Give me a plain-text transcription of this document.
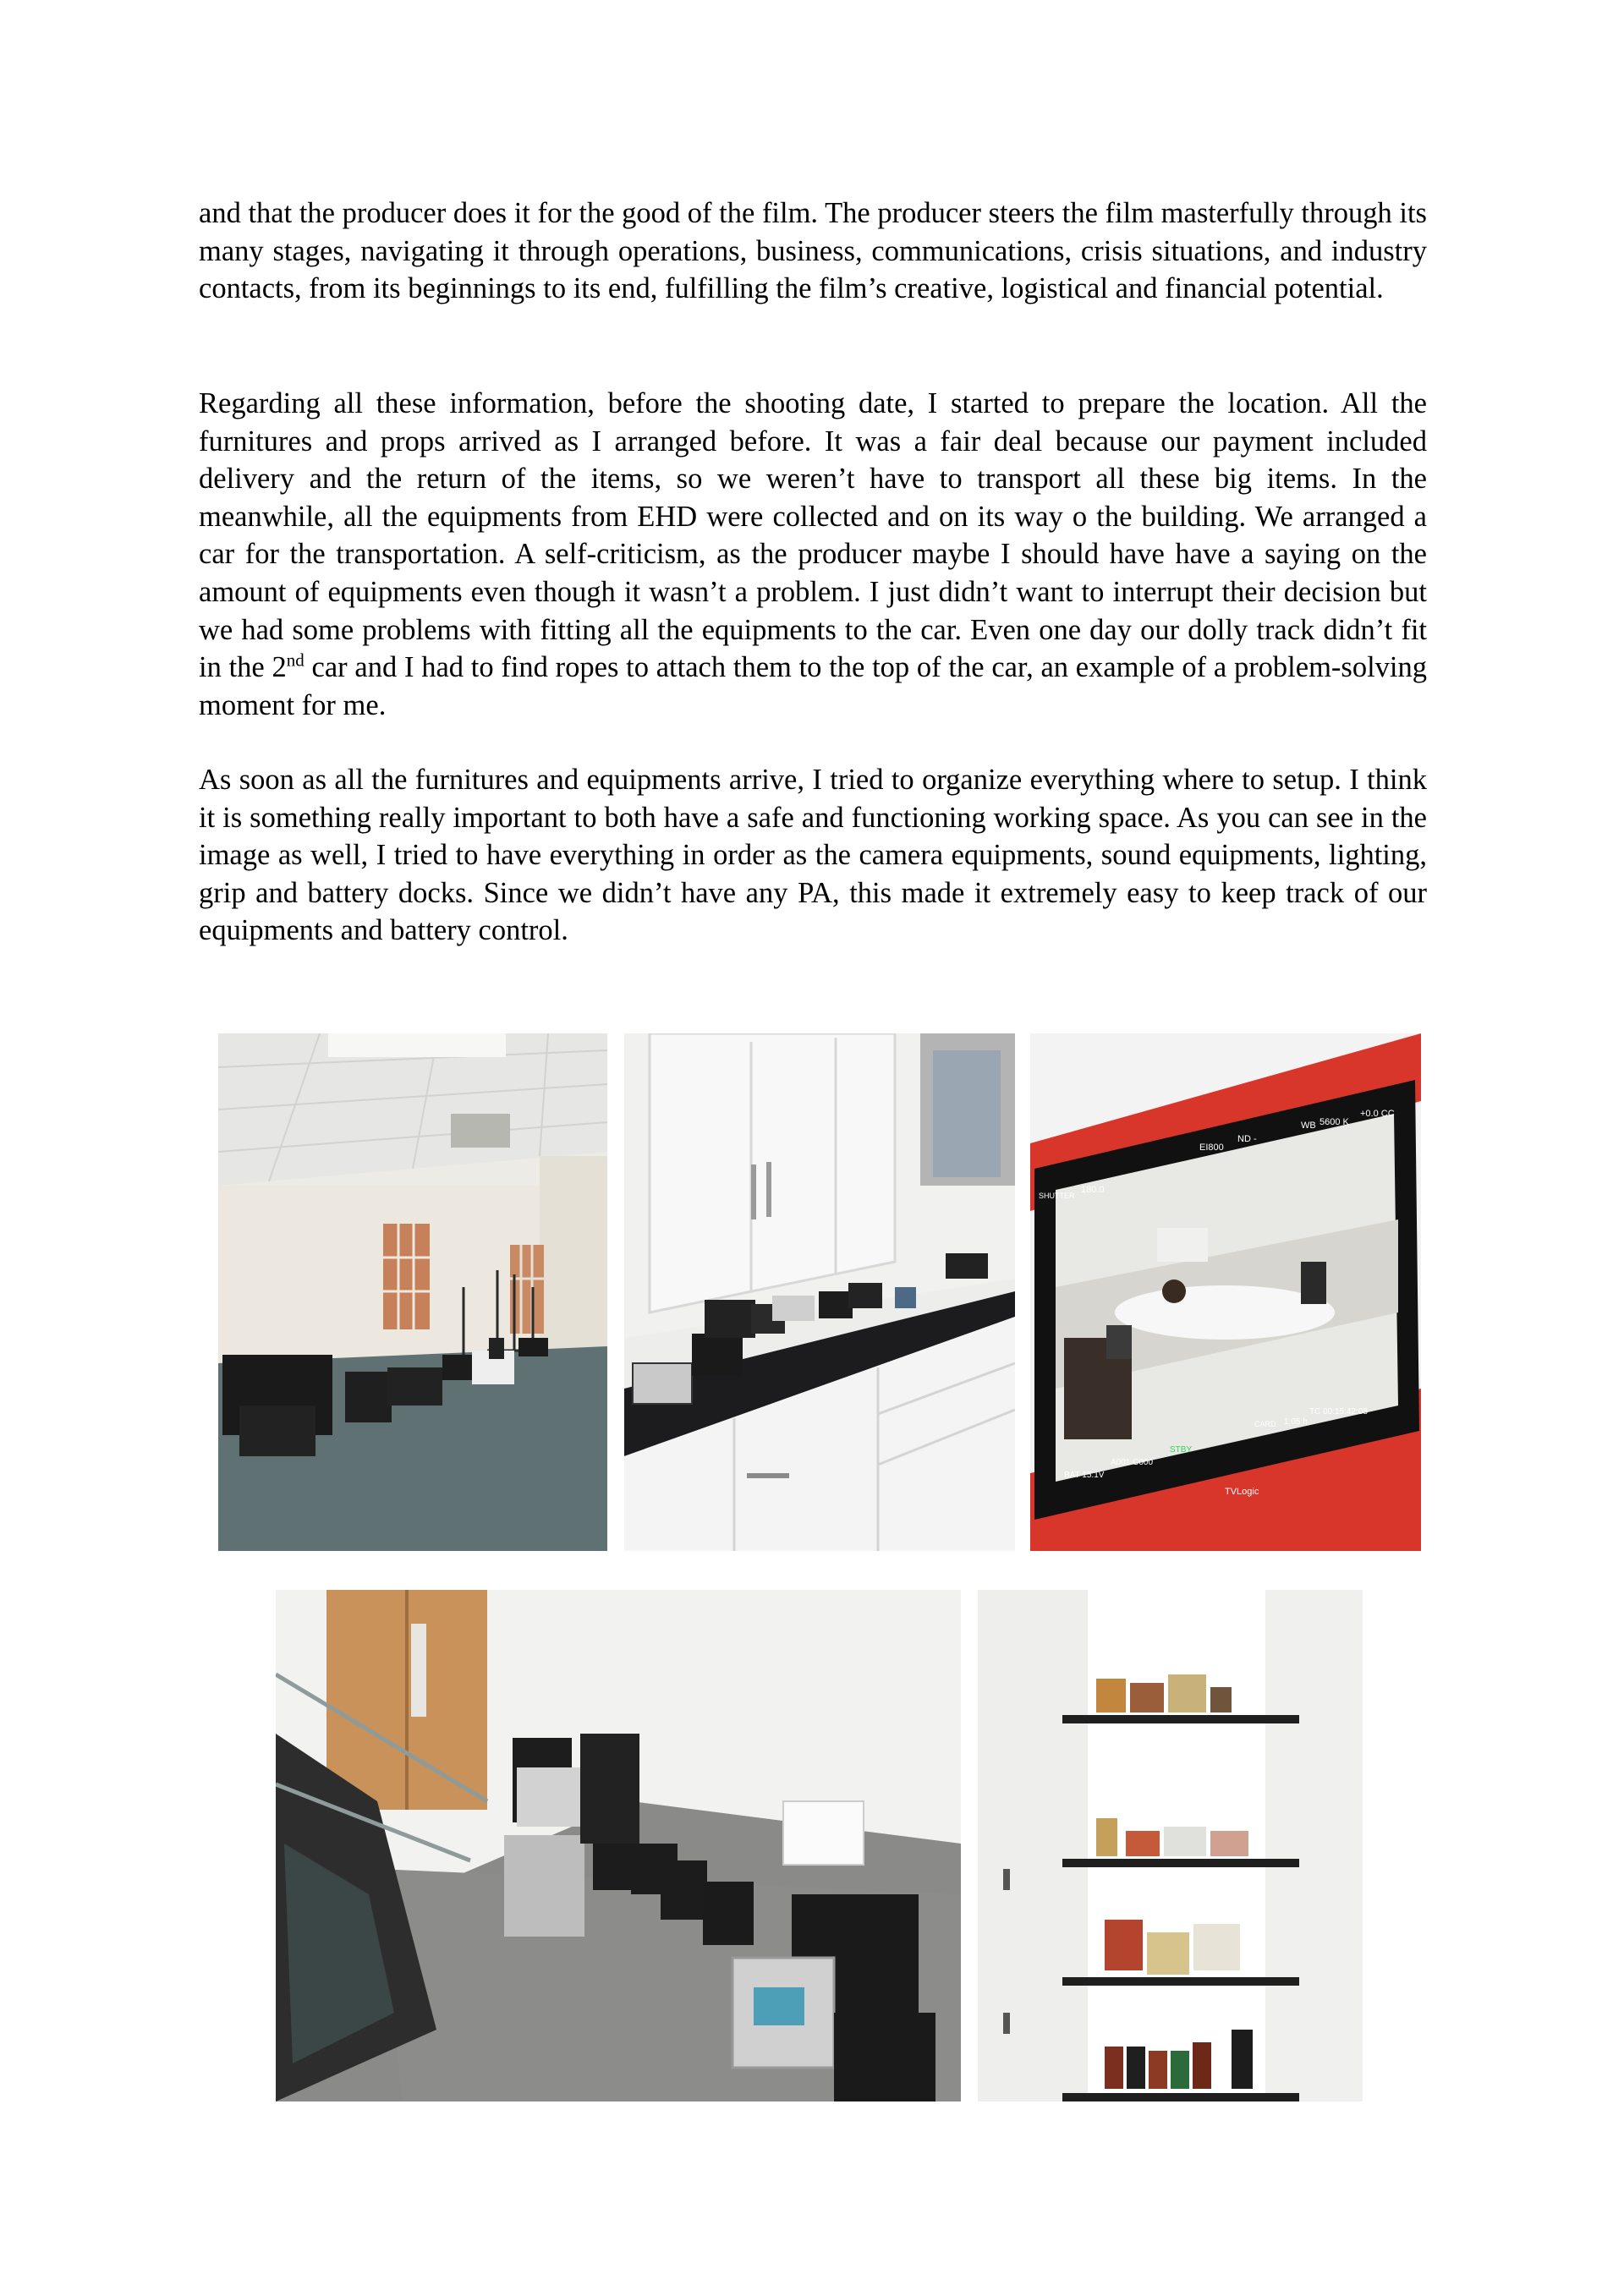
and that the producer does it for the good of the film. The producer steers the film masterfully through its many stages, navigating it through operations, business, communications, crisis situations, and industry contacts, from its beginnings to its end, fulfilling the film’s creative, logistical and financial potential.

Regarding all these information, before the shooting date, I started to prepare the location. All the furnitures and props arrived as I arranged before. It was a fair deal because our payment included delivery and the return of the items, so we weren’t have to transport all these big items. In the meanwhile, all the equipments from EHD were collected and on its way o the building. We arranged a car for the transportation. A self-criticism, as the producer maybe I should have have a saying on the amount of equipments even though it wasn’t a problem. I just didn’t want to interrupt their decision but we had some problems with fitting all the equipments to the car. Even one day our dolly track didn’t fit in the 2nd car and I had to find ropes to attach them to the top of the car, an example of a problem-solving moment for me.

As soon as all the furnitures and equipments arrive, I tried to organize everything where to setup. I think it is something really important to both have a safe and functioning working space. As you can see in the image as well, I tried to have everything in order as the camera equipments, sound equipments, lighting, grip and battery docks. Since we didn’t have any PA, this made it extremely easy to keep track of our equipments and battery control.

EI800
ND -
WB 5600 K
+0.0 CC
SHUTTER
180.0
A001 C000
STBY
BAT 15.1V
CARD 1:05 h
TC 00:15:42:08
TVLogic
